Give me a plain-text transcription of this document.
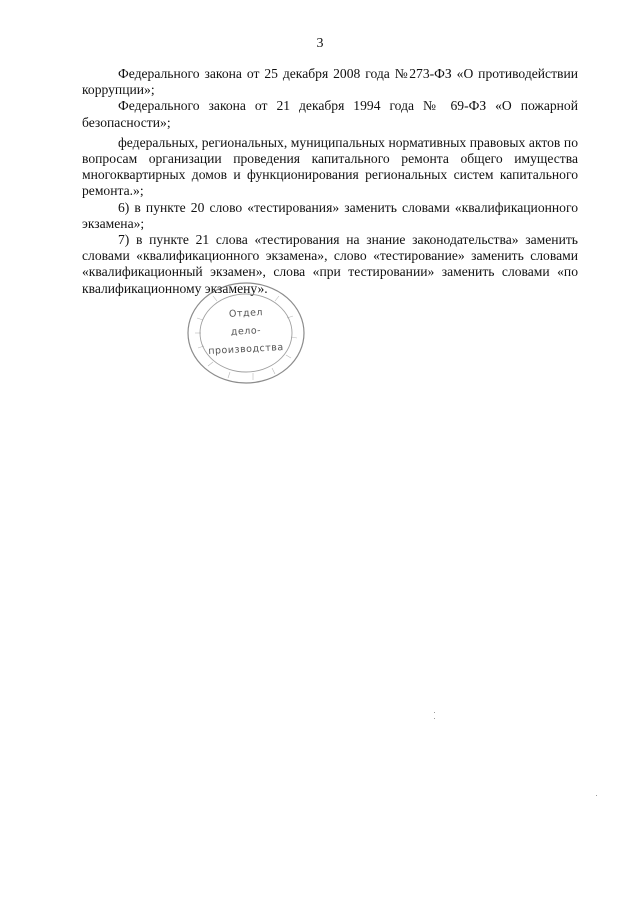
3

Федерального закона от 25 декабря 2008 года №273-ФЗ «О противодействии коррупции»;

Федерального закона от 21 декабря 1994 года № 69-ФЗ «О пожарной безопасности»;

федеральных, региональных, муниципальных нормативных правовых актов по вопросам организации проведения капитального ремонта общего имущества многоквартирных домов и функционирования региональных систем капитального ремонта.»;

6) в пункте 20 слово «тестирования» заменить словами «квалификационного экзамена»;

7) в пункте 21 слова «тестирования на знание законодательства» заменить словами «квалификационного экзамена», слово «тестирование» заменить словами «квалификационный экзамен», слова «при тестировании» заменить словами «по квалификационному экзамену».

Отдел
дело-
производства
